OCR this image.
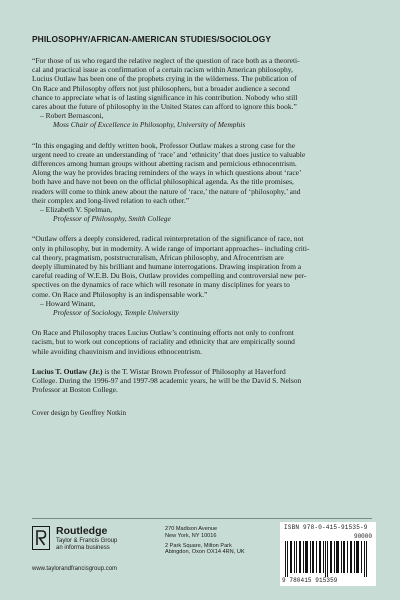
PHILOSOPHY/AFRICAN-AMERICAN STUDIES/SOCIOLOGY

“For those of us who regard the relative neglect of the question of race both as a theoreti-

cal and practical issue as confirmation of a certain racism within American philosophy,

Lucius Outlaw has been one of the prophets crying in the wilderness. The publication of

On Race and Philosophy offers not just philosophers, but a broader audience a second

chance to appreciate what is of lasting significance in his contribution. Nobody who still

cares about the future of philosophy in the United States can afford to ignore this book.”

– Robert Bernasconi,

Moss Chair of Excellence in Philosophy, University of Memphis

“In this engaging and deftly written book, Professor Outlaw makes a strong case for the

urgent need to create an understanding of ‘race’ and ‘ethnicity’ that does justice to valuable

differences among human groups without abetting racism and pernicious ethnocentrism.

Along the way he provides bracing reminders of the ways in which questions about ‘race’

both have and have not been on the official philosophical agenda. As the title promises,

readers will come to think anew about the nature of ‘race,’ the nature of ‘philosophy,’ and

their complex and long-lived relation to each other.”

– Elizabeth V. Spelman,

Professor of Philosophy, Smith College

“Outlaw offers a deeply considered, radical reinterpretation of the significance of race, not

only in philosophy, but in modernity. A wide range of important approaches– including criti-

cal theory, pragmatism, poststructuralism, African philosophy, and Afrocentrism are

deeply illuminated by his brilliant and humane interrogations. Drawing inspiration from a

careful reading of W.E.B. Du Bois, Outlaw provides compelling and controversial new per-

spectives on the dynamics of race which will resonate in many disciplines for years to

come. On Race and Philosophy is an indispensable work.”

– Howard Winant,

Professor of Sociology, Temple University

On Race and Philosophy traces Lucius Outlaw’s continuing efforts not only to confront

racism, but to work out conceptions of raciality and ethnicity that are empirically sound

while avoiding chauvinism and invidious ethnocentrism.

Lucius T. Outlaw (Jr.) is the T. Wistar Brown Professor of Philosophy at Haverford

College. During the 1996-97 and 1997-98 academic years, he will be the David S. Nelson

Professor at Boston College.

Cover design by Geoffrey Notkin

Routledge
Taylor & Francis Group
an informa business
www.taylorandfrancisgroup.com
270 Madison Avenue
New York, NY 10016
2 Park Square, Milton Park
Abingdon, Oxon OX14 4RN, UK
ISBN 978-0-415-91535-9
90000
9 780415 915359
